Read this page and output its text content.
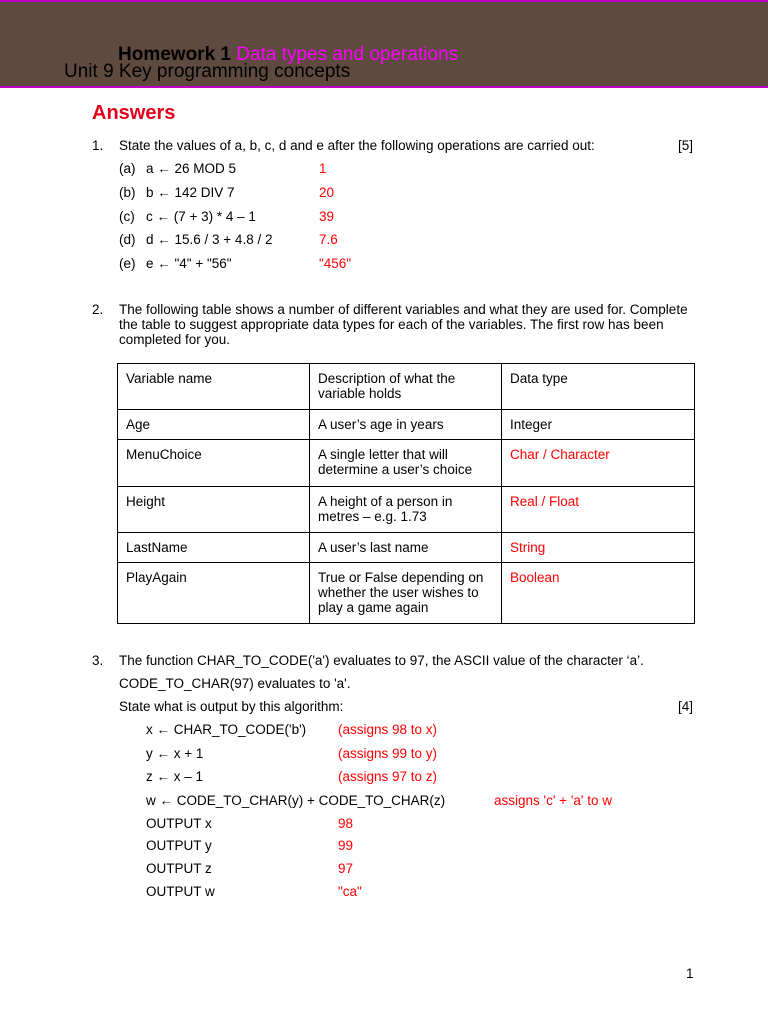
Homework 1 Data types and operations
Unit 9 Key programming concepts
Answers
1. State the values of a, b, c, d and e after the following operations are carried out:	[5]
(a) a ← 26 MOD 5	1
(b) b ← 142 DIV 7	20
(c) c ← (7 + 3) * 4 – 1	39
(d) d ← 15.6 / 3 + 4.8 / 2	7.6
(e) e ← "4" + "56"	"456"
2. The following table shows a number of different variables and what they are used for. Complete the table to suggest appropriate data types for each of the variables. The first row has been completed for you.
Variable name	Description of what the variable holds	Data type
Age	A user’s age in years	Integer
MenuChoice	A single letter that will determine a user’s choice	Char / Character
Height	A height of a person in metres – e.g. 1.73	Real / Float
LastName	A user’s last name	String
PlayAgain	True or False depending on whether the user wishes to play a game again	Boolean
3. The function CHAR_TO_CODE('a') evaluates to 97, the ASCII value of the character ‘a’.
CODE_TO_CHAR(97) evaluates to 'a'.
State what is output by this algorithm:	[4]
x ← CHAR_TO_CODE('b') (assigns 98 to x)
y ← x + 1	(assigns 99 to y)
z ← x – 1	(assigns 97 to z)
w ← CODE_TO_CHAR(y) + CODE_TO_CHAR(z)	assigns 'c' + 'a' to w
OUTPUT x	98
OUTPUT y	99
OUTPUT z	97
OUTPUT w	"ca"
1
